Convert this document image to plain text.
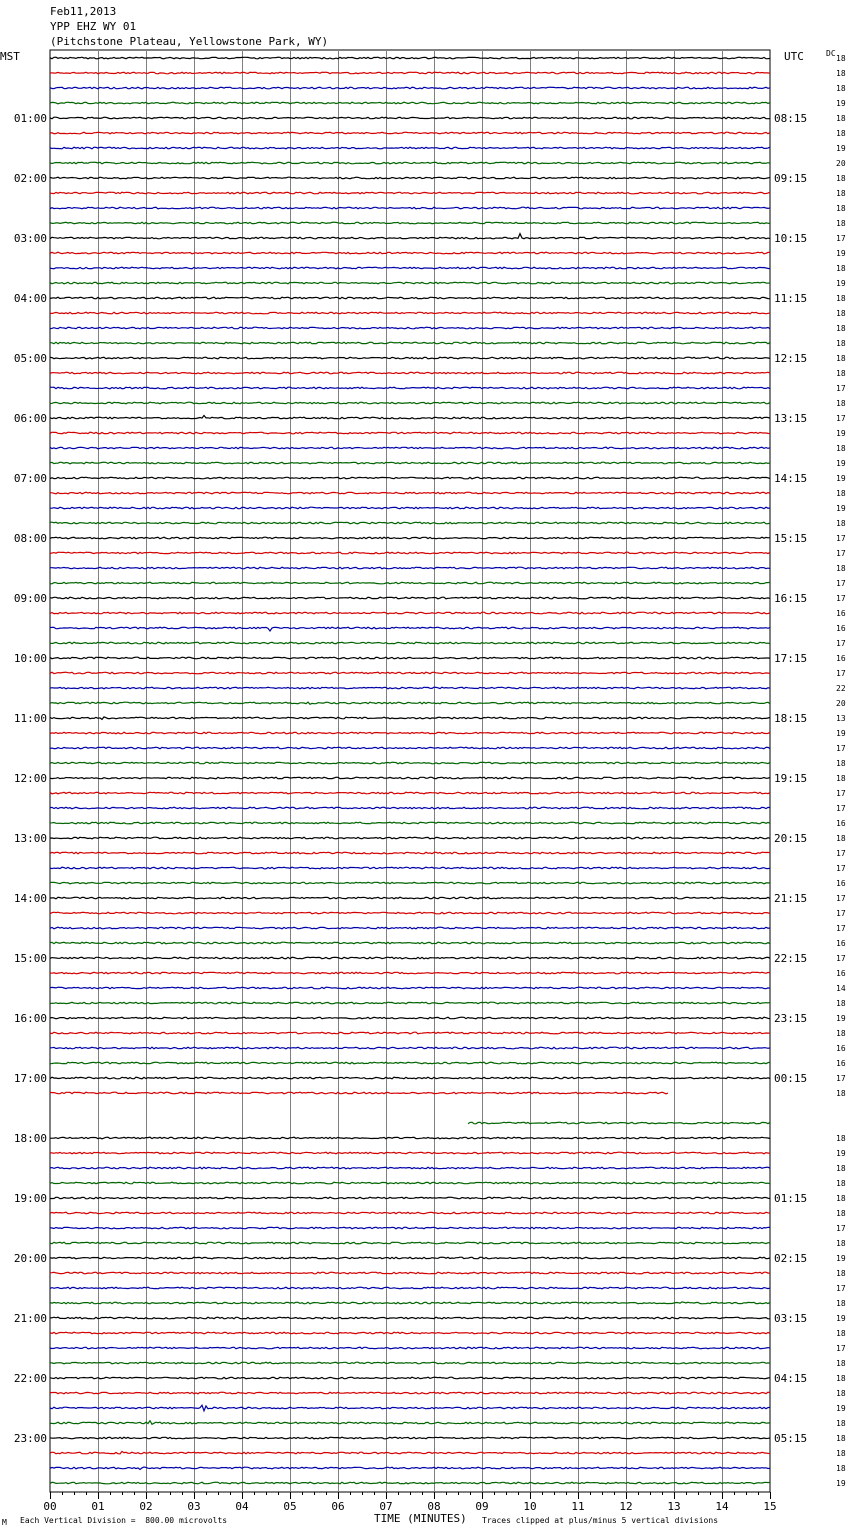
Feb11,2013
YPP EHZ WY 01
(Pitchstone Plateau, Yellowstone Park, WY)
MST	UTC	DC
00	01	02	03	04	05	06	07	08	09	10	11	12	13	14	15
18
18
18
19
18
18
19
20
18
18
18
18
17
19
18
19
18
18
18
18
18
18
17
18
17
19
18
19
19
18
19
18
17
17
18
17
17
16
16
17
16
17
22
20
13
19
17
18
18
17
17
16
18
17
17
16
17
17
17
16
17
16
14
18
19
18
16
16
17
18
18
19
18
18
18
18
17
18
19
18
17
18
19
18
17
18
18
18
19
18
18
18
18
19
01:00	08:15
02:00	09:15
03:00	10:15
04:00	11:15
05:00	12:15
06:00	13:15
07:00	14:15
08:00	15:15
09:00	16:15
10:00	17:15
11:00	18:15
12:00	19:15
13:00	20:15
14:00	21:15
15:00	22:15
16:00	23:15
17:00	00:15
18:00
19:00	01:15
20:00	02:15
21:00	03:15
22:00	04:15
23:00	05:15
M Each Vertical Division =  800.00 microvolts	TIME (MINUTES) Traces clipped at plus/minus 5 vertical divisions
